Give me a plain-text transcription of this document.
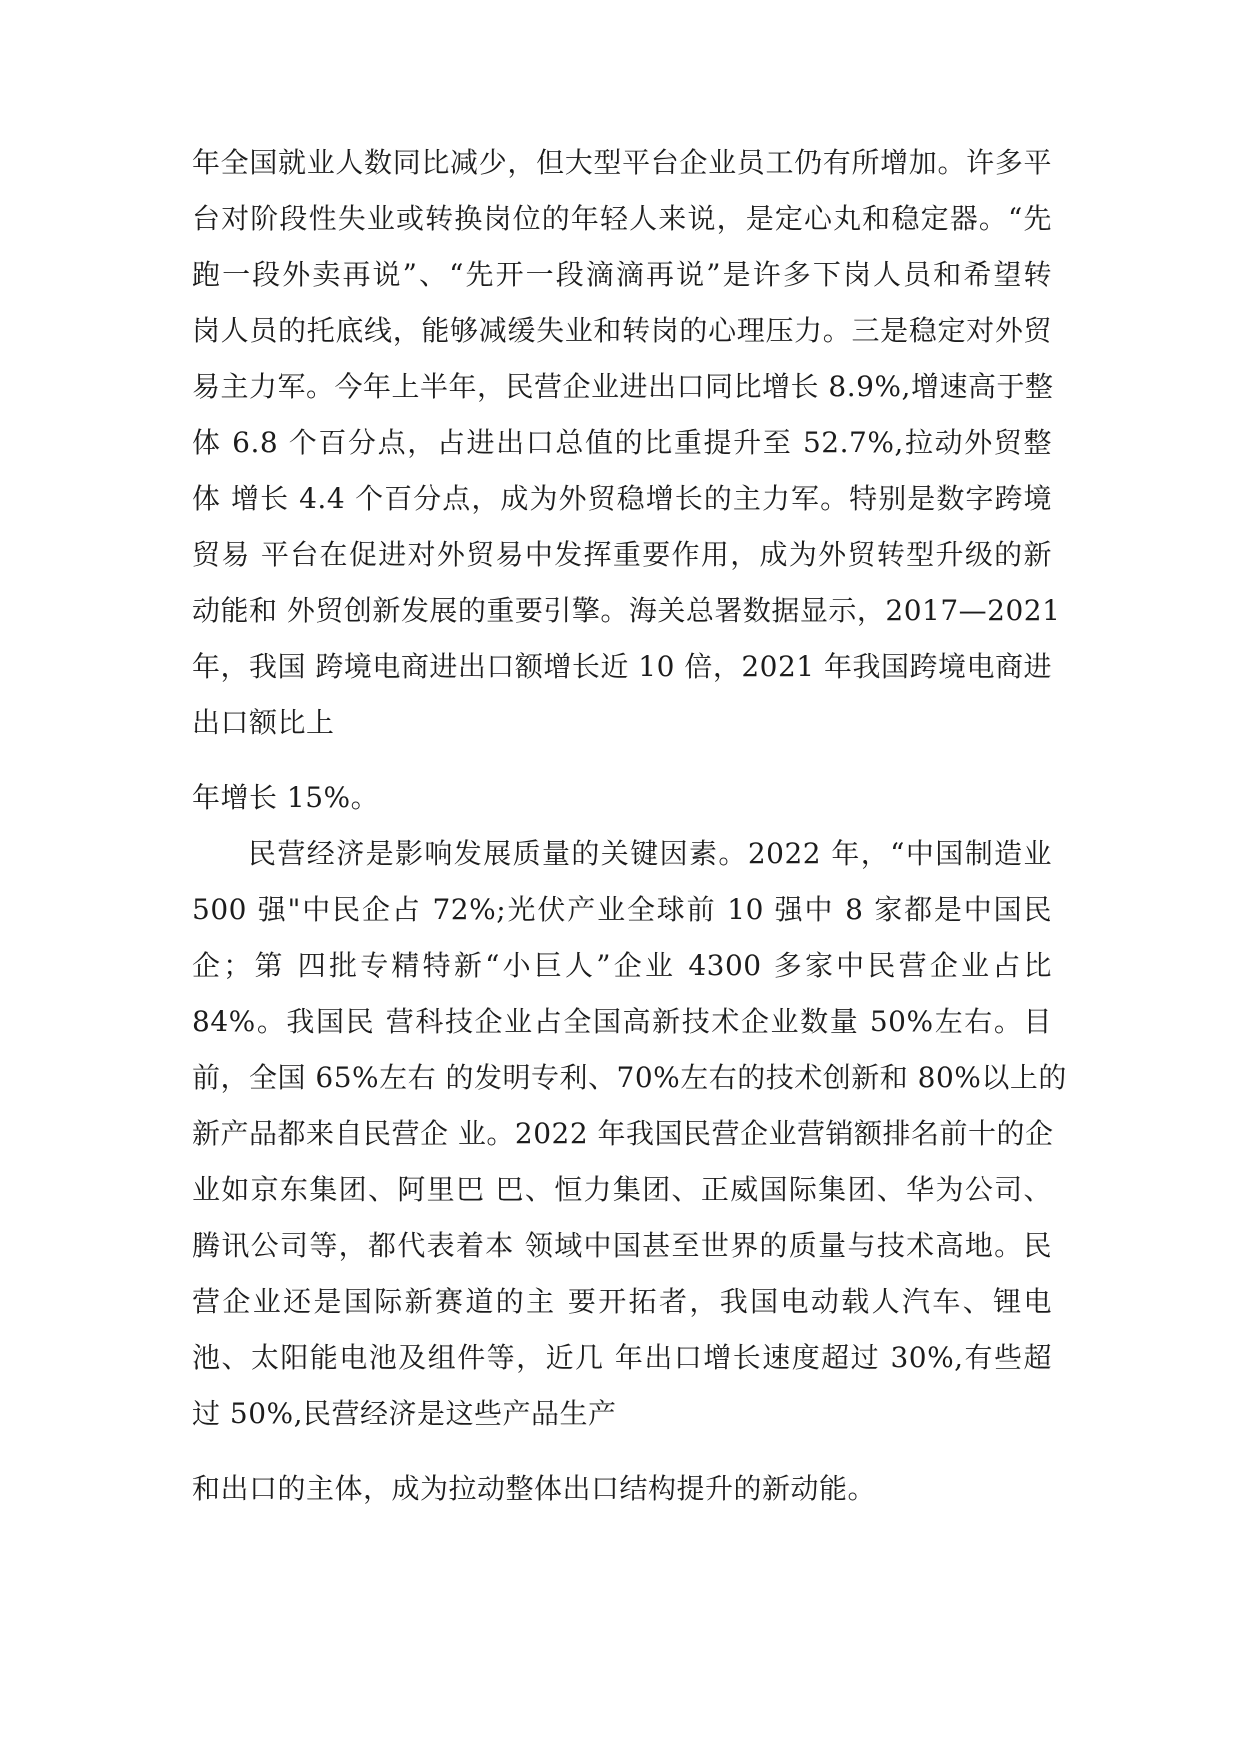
年全国就业人数同比减少，但大型平台企业员工仍有所增加。许多平
台对阶段性失业或转换岗位的年轻人来说，是定心丸和稳定器。“先
跑一段外卖再说”、“先开一段滴滴再说”是许多下岗人员和希望转
岗人员的托底线，能够减缓失业和转岗的心理压力。三是稳定对外贸
易主力军。今年上半年，民营企业进出口同比增长 8.9%,增速高于整
体 6.8 个百分点，占进出口总值的比重提升至 52.7%,拉动外贸整
体 增长 4.4 个百分点，成为外贸稳增长的主力军。特别是数字跨境
贸易 平台在促进对外贸易中发挥重要作用，成为外贸转型升级的新
动能和 外贸创新发展的重要引擎。海关总署数据显示，2017—2021
年，我国 跨境电商进出口额增长近 10 倍，2021 年我国跨境电商进
出口额比上
年增长 15%。
民营经济是影响发展质量的关键因素。2022 年，“中国制造业
500 强"中民企占 72%;光伏产业全球前 10 强中 8 家都是中国民
企；第 四批专精特新“小巨人”企业 4300 多家中民营企业占比
84%。我国民 营科技企业占全国高新技术企业数量 50%左右。目
前，全国 65%左右 的发明专利、70%左右的技术创新和 80%以上的
新产品都来自民营企 业。2022 年我国民营企业营销额排名前十的企
业如京东集团、阿里巴 巴、恒力集团、正威国际集团、华为公司、
腾讯公司等，都代表着本 领域中国甚至世界的质量与技术高地。民
营企业还是国际新赛道的主 要开拓者，我国电动载人汽车、锂电
池、太阳能电池及组件等，近几 年出口增长速度超过 30%,有些超
过 50%,民营经济是这些产品生产
和出口的主体，成为拉动整体出口结构提升的新动能。
